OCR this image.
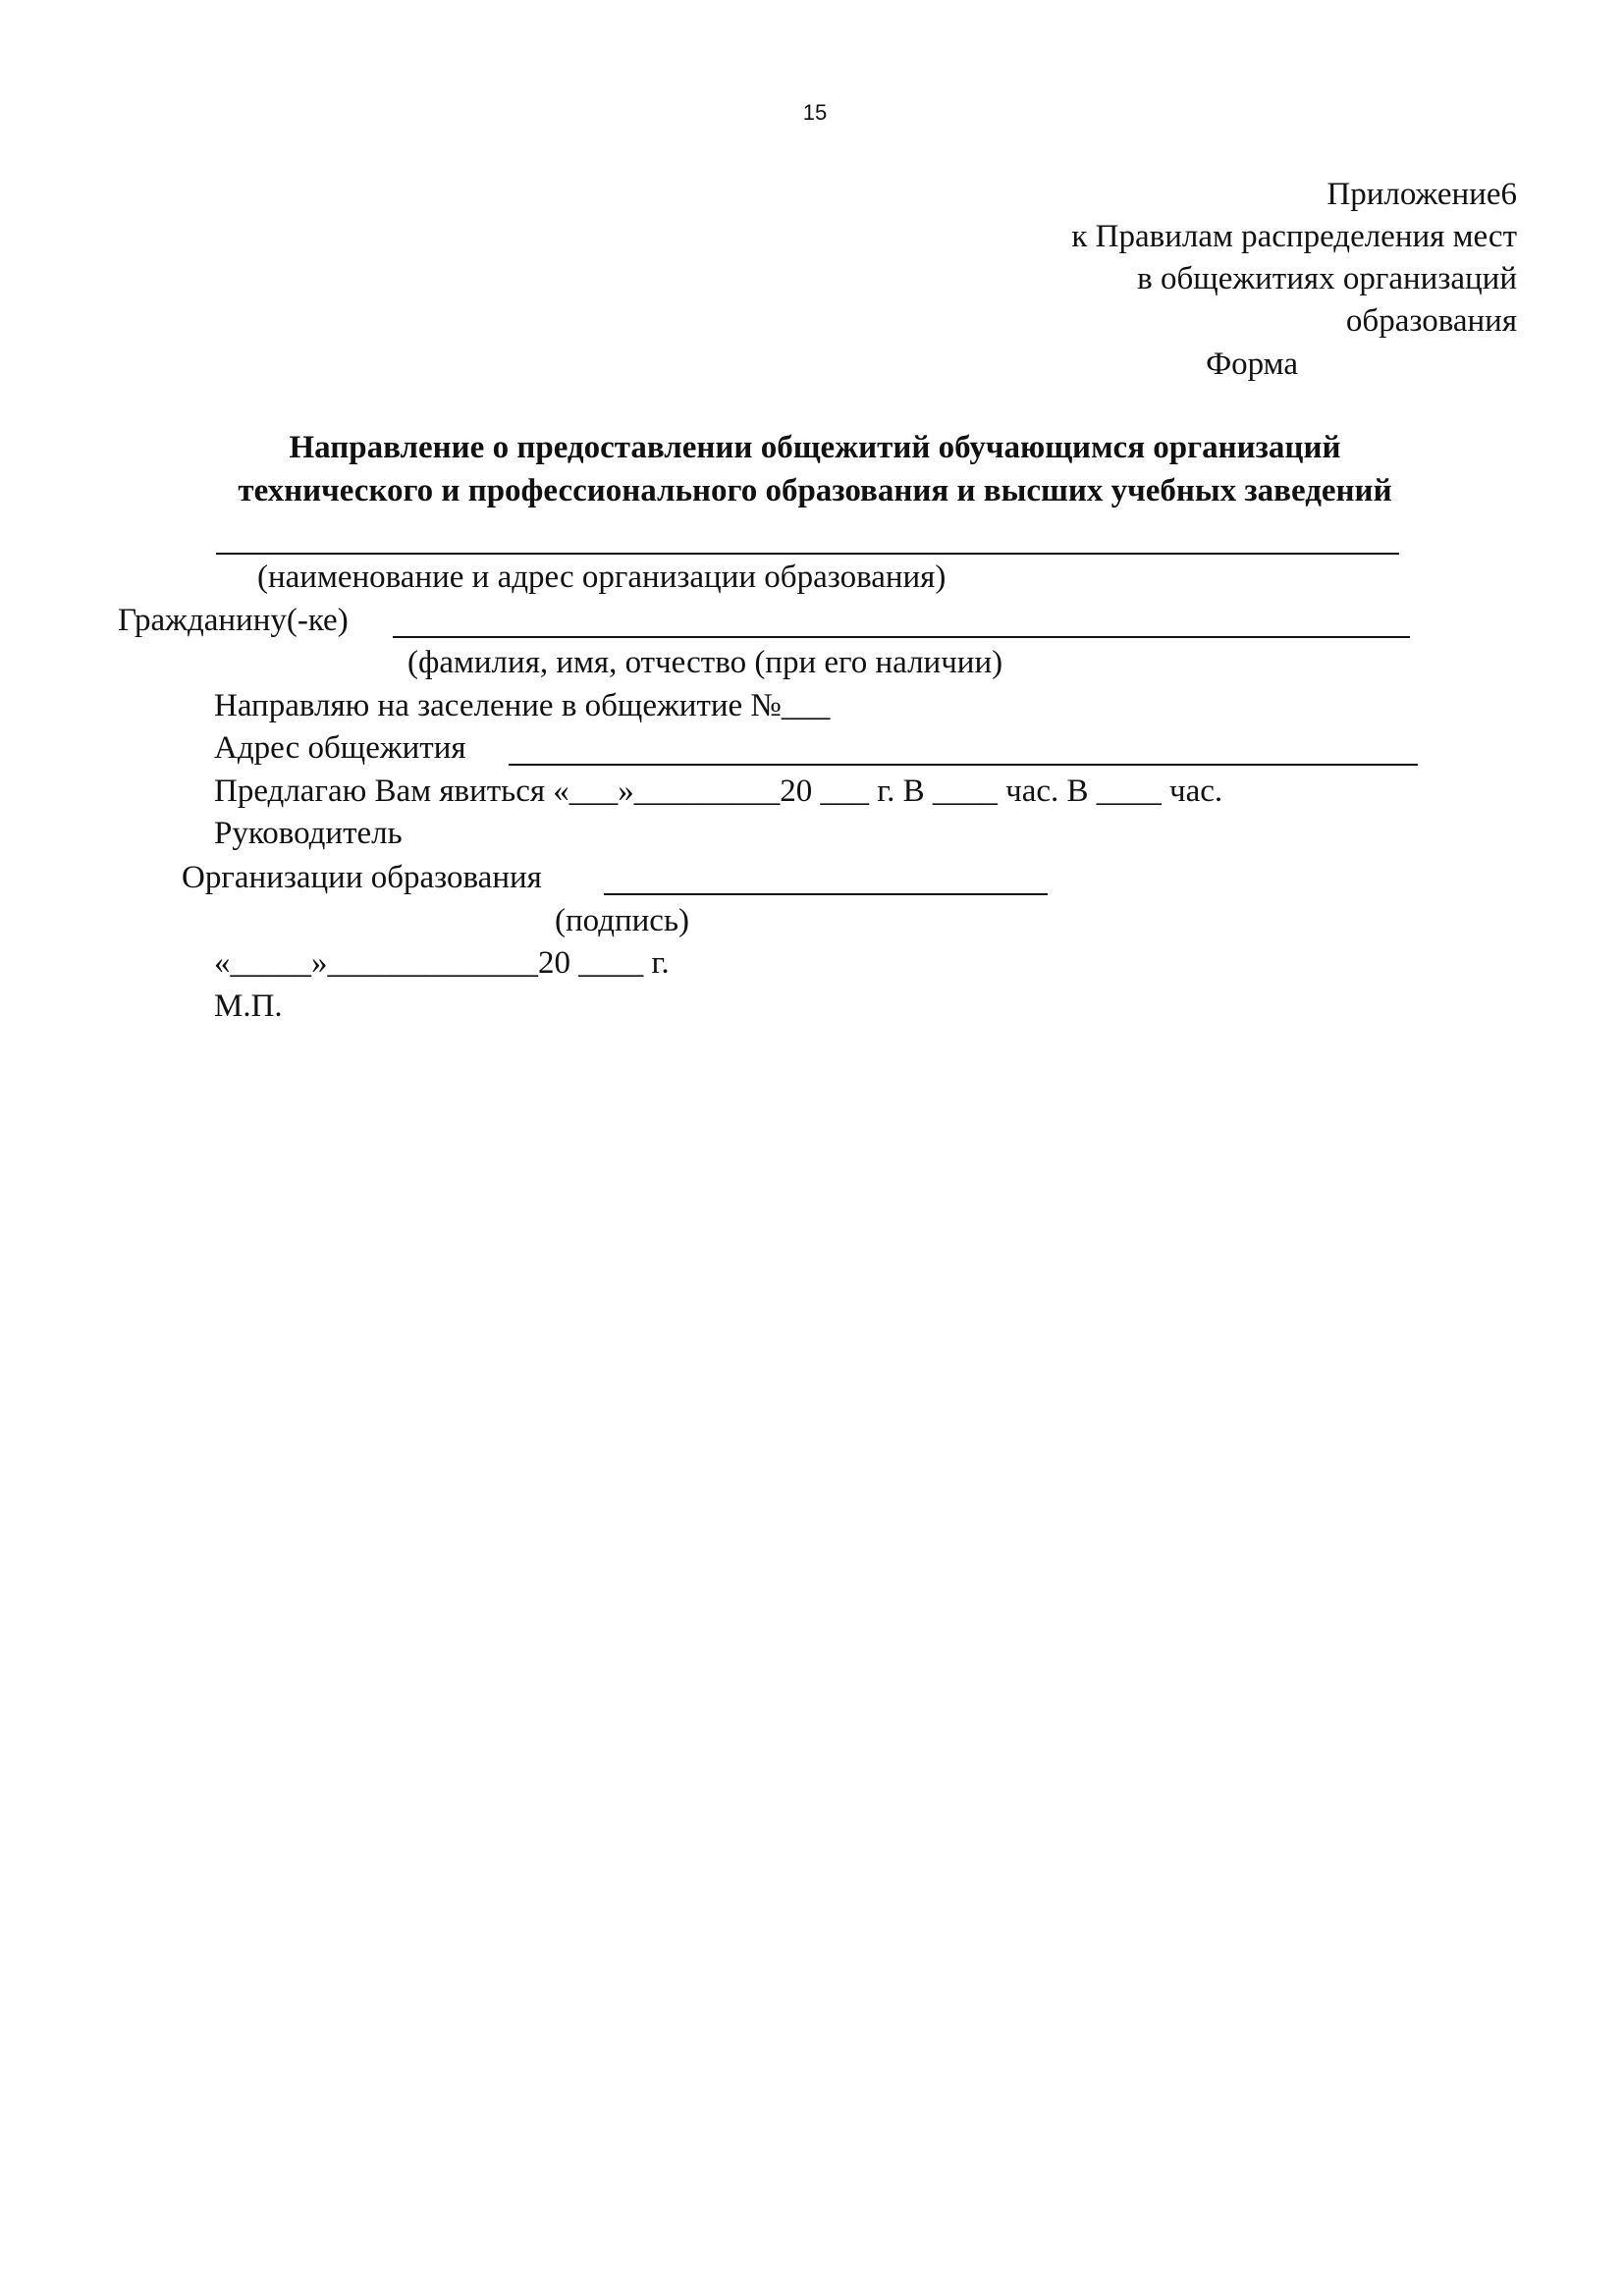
15
Приложение6
к Правилам распределения мест
в общежитиях организаций
образования
Форма
Направление о предоставлении общежитий обучающимся организаций
технического и профессионального образования и высших учебных заведений
(наименование и адрес организации образования)
Гражданину(-ке)
(фамилия, имя, отчество (при его наличии)
Направляю на заселение в общежитие №___
Адрес общежития
Предлагаю Вам явиться «___»_________20 ___ г. В ____ час. В ____ час.
Руководитель
Организации образования
(подпись)
«_____»_____________20 ____ г.
М.П.
